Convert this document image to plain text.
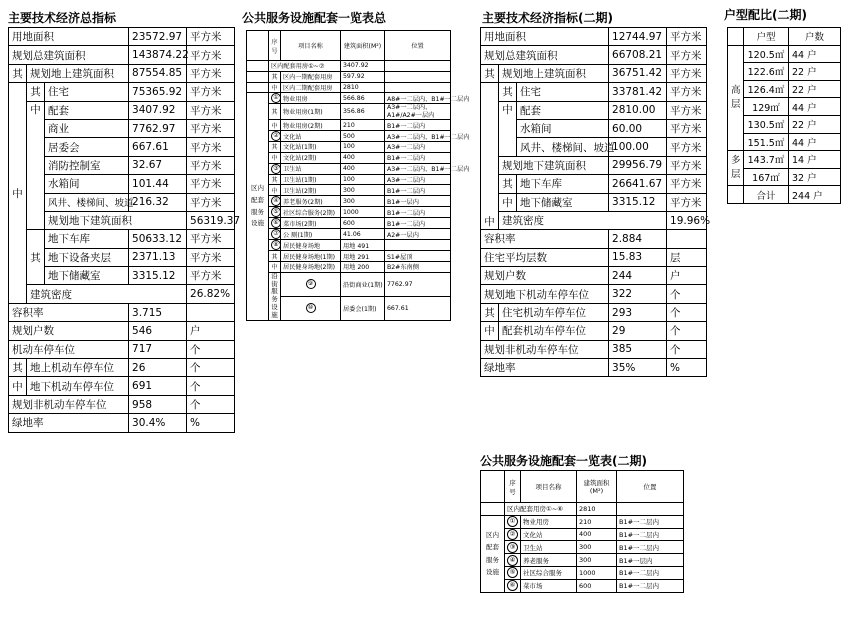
主要技术经济总指标
用地面积			23572.97	平方米	
规划总建筑面积			143874.22	平方米	
其	规划地上建筑面积		87554.85	平方米	
中	其	住宅	75365.92	平方米	
	中	配套	3407.92	平方米	
		商业	7762.97	平方米	
		居委会	667.61	平方米	
		消防控制室	32.67	平方米	
		水箱间	101.44	平方米	
		风井、楼梯间、坡道	216.32	平方米	
		规划地下建筑面积		56319.37	
	其	地下车库	50633.12	平方米	
		地下设备夹层	2371.13	平方米	
		地下储藏室	3315.12	平方米	
	建筑密度			26.82%	
容积率			3.715		
规划户数			546	户	
机动车停车位			717	个	
其	地上机动车停车位		26	个	
中	地下机动车停车位		691	个	
规划非机动车停车位			958	个	
绿地率			30.4%	%	
公共服务设施配套一览表总
	序号	项目名称	建筑面积(M²)	位置	
	区内配套用房①~⑦		3407.92		
	其	区内一期配套用房	597.92		
	中	区内二期配套用房	2810		
区内
配套
服务
设施	①	物业用房	566.86	A8#一二层内、B1#一二层内	
	其	物业用房(1期)	356.86	A3#一二层内、A1#/A2#一层内	
	中	物业用房(2期)	210	B1#一二层内	
	②	文化站	500	A3#一二层内、B1#一二层内	
	其	文化站(1期)	100	A3#一二层内	
	中	文化站(2期)	400	B1#一二层内	
	③	卫生站	400	A3#一二层内、B1#一二层内	
	其	卫生站(1期)	100	A3#一二层内	
	中	卫生站(2期)	300	B1#一二层内	
	④	养老服务(2期)	300	B1#一层内	
	⑤	社区综合服务(2期)	1000	B1#一二层内	
	⑥	菜市场(2期)	600	B1#一二层内	
	⑦	公 厕(1期)	41.06	A2#一层内	
	⑧	居民健身场地	用地 491		
	其	居民健身场地(1期)	用地 291	S1#屋顶	
	中	居民健身场地(2期)	用地 200	B2#东南侧	
	沿街服务设施	⑨	沿街商业(1期)	7762.97	
		⑩	居委会(1期)	667.61	
主要技术经济指标(二期)
用地面积			12744.97	平方米	
规划总建筑面积			66708.21	平方米	
其	规划地上建筑面积		36751.42	平方米	
中	其	住宅	33781.42	平方米	
	中	配套	2810.00	平方米	
		水箱间	60.00	平方米	
		风井、楼梯间、坡道	100.00	平方米	
	规划地下建筑面积		29956.79	平方米	
	其	地下车库	26641.67	平方米	
	中	地下储藏室	3315.12	平方米	
	建筑密度			19.96%	
容积率			2.884		
住宅平均层数			15.83	层	
规划户数			244	户	
规划地下机动车停车位			322	个	
其	住宅机动车停车位		293	个	
中	配套机动车停车位		29	个	
规划非机动车停车位			385	个	
绿地率			35%	%	
户型配比(二期)
	户型	户数
高层	120.5㎡	44 户
	122.6㎡	22 户
	126.4㎡	22 户
	129㎡	44 户
	130.5㎡	22 户
	151.5㎡	44 户
多层	143.7㎡	14 户
	167㎡	32 户
	合计	244 户
公共服务设施配套一览表(二期)
	序号	项目名称	建筑面积(M²)	位置
	区内配套用房①~⑥		2810	
区内配套服务设施	①	物业用房	210	B1#一二层内
	②	文化站	400	B1#一二层内
	③	卫生站	300	B1#一二层内
	④	养老服务	300	B1#一层内
	⑤	社区综合服务	1000	B1#一二层内
	⑥	菜市场	600	B1#一二层内
